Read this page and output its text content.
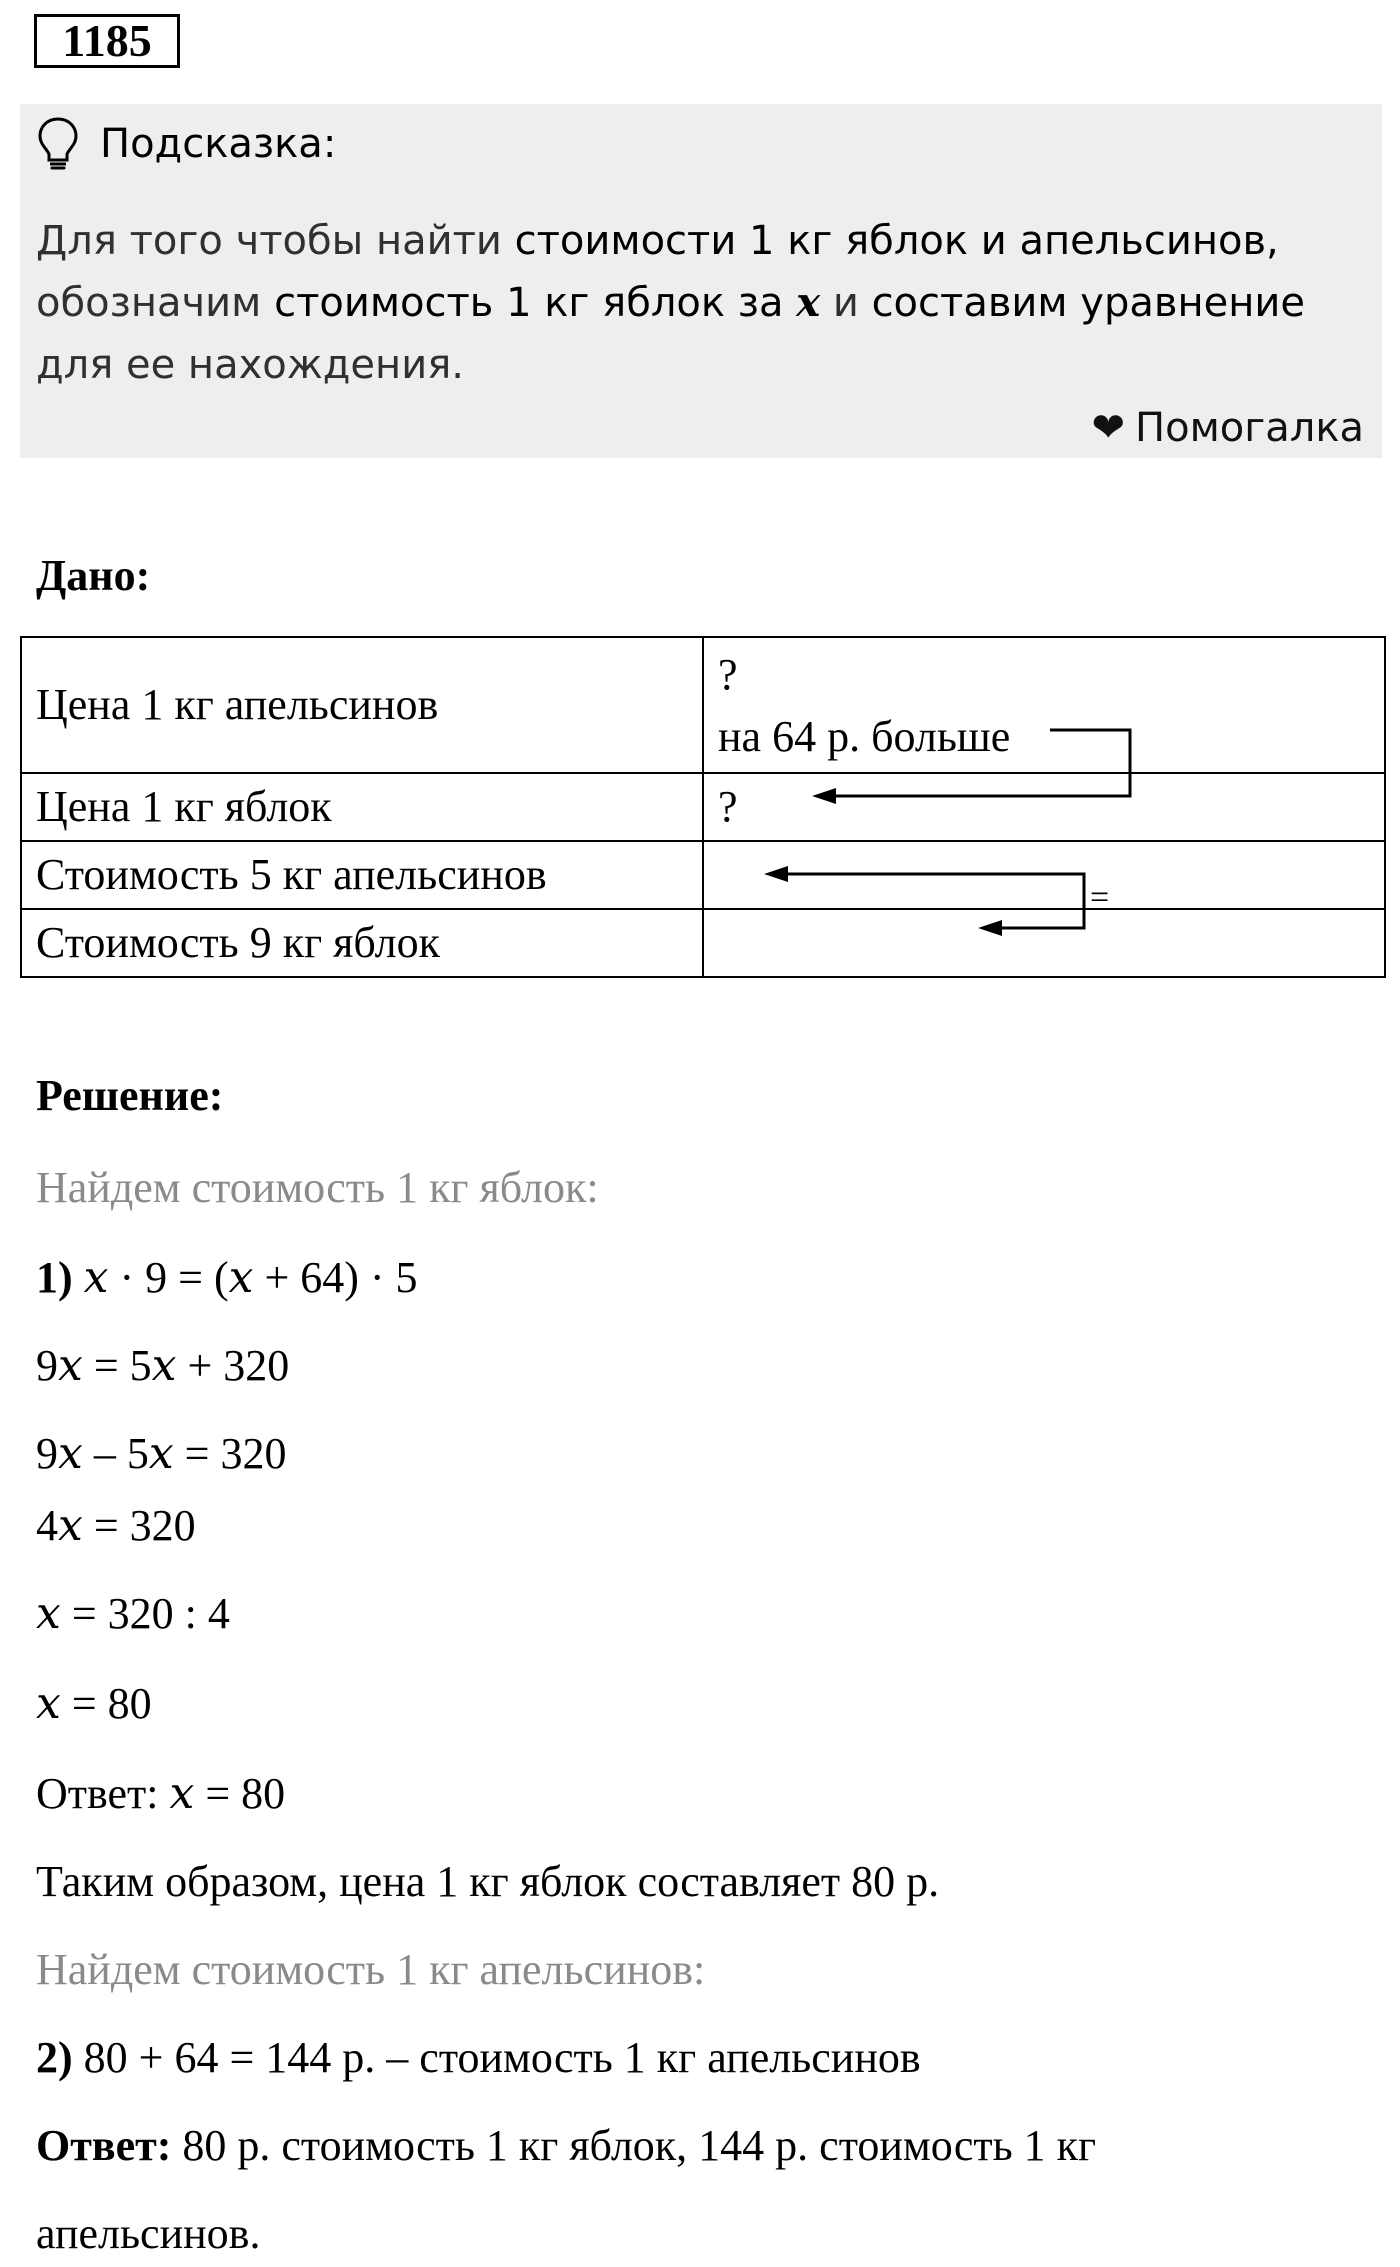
1185
Подсказка:
Для того чтобы найти стоимости 1 кг яблок и апельсинов,
обозначим стоимость 1 кг яблок за x и составим уравнение
для ее нахождения.
❤ Помогалка
Дано:
Цена 1 кг апельсинов	?
на 64 р. больше

Цена 1 кг яблок	?
Стоимость 5 кг апельсинов	
Стоимость 9 кг яблок	
=
Решение:
Найдем стоимость 1 кг яблок:
1) x · 9 = (x + 64) · 5
9x = 5x + 320
9x – 5x = 320
4x = 320
x = 320 : 4
x = 80
Ответ: x = 80
Таким образом, цена 1 кг яблок составляет 80 р.
Найдем стоимость 1 кг апельсинов:
2) 80 + 64 = 144 р. – стоимость 1 кг апельсинов
Ответ: 80 р. стоимость 1 кг яблок, 144 р. стоимость 1 кг
апельсинов.
